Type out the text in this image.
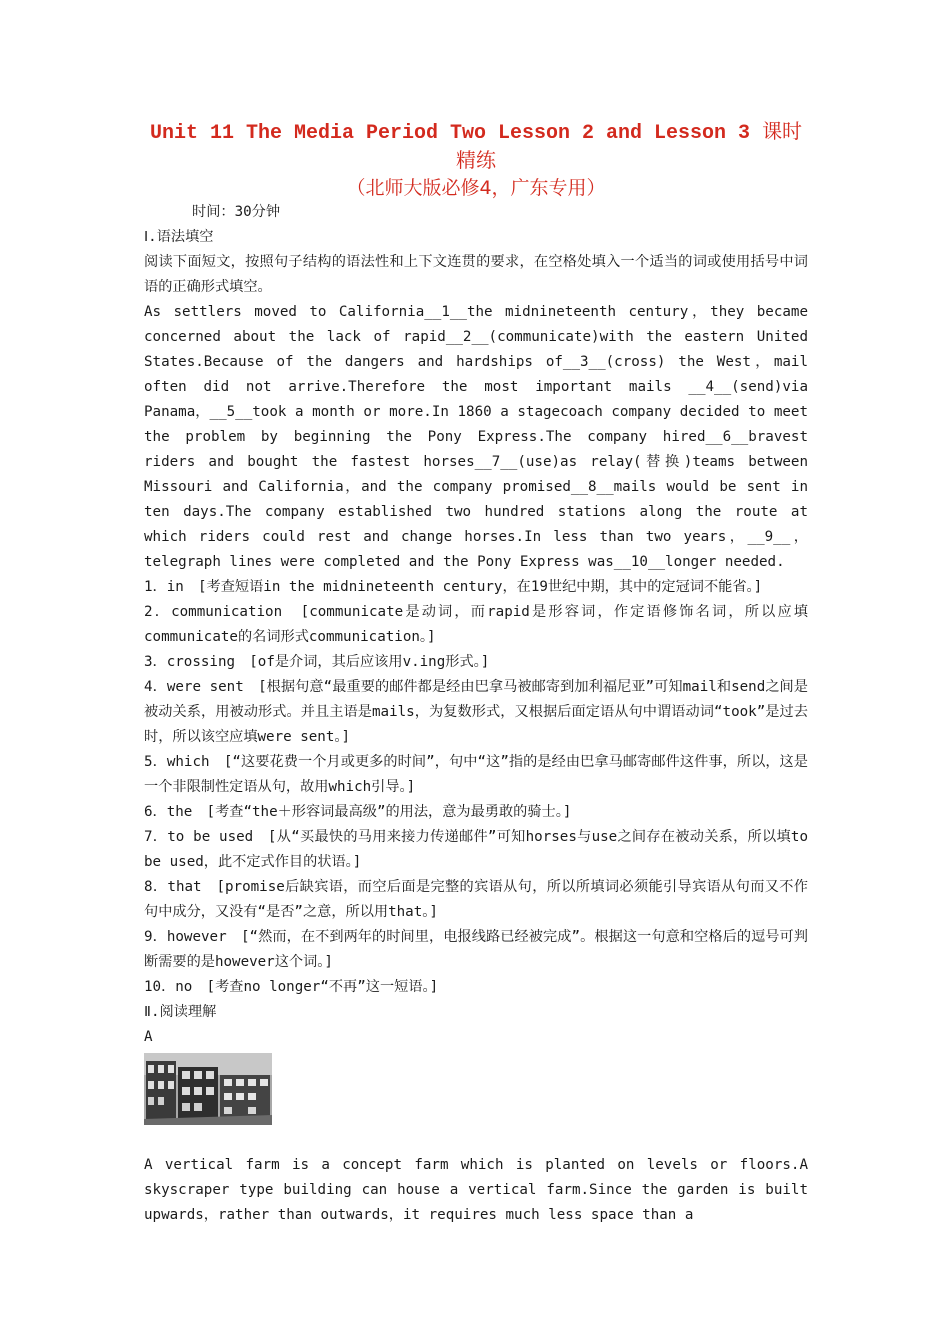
Unit 11 The Media Period Two Lesson 2 and Lesson 3 课时精练
（北师大版必修4，广东专用）
时间：30分钟
Ⅰ.语法填空

阅读下面短文，按照句子结构的语法性和上下文连贯的要求，在空格处填入一个适当的词或使用括号中词语的正确形式填空。

As settlers moved to California__1__the midnineteenth century，they became concerned about the lack of rapid__2__(communicate)with the eastern United States.Because of the dangers and hardships of__3__(cross) the West，mail often did not arrive.Therefore the most important mails __4__(send)via Panama，__5__took a month or more.In 1860 a stagecoach company decided to meet the problem by beginning the Pony Express.The company hired__6__bravest riders and bought the fastest horses__7__(use)as relay(替换)teams between Missouri and California，and the company promised__8__mails would be sent in ten days.The company established two hundred stations along the route at which riders could rest and change horses.In less than two years，__9__，telegraph lines were completed and the Pony Express was__10__longer needed.

1．in　[考查短语in the midnineteenth century，在19世纪中期，其中的定冠词不能省。]

2．communication　[communicate是动词，而rapid是形容词，作定语修饰名词，所以应填communicate的名词形式communication。]

3．crossing　[of是介词，其后应该用v.ing形式。]

4．were sent　[根据句意“最重要的邮件都是经由巴拿马被邮寄到加利福尼亚”可知mail和send之间是被动关系，用被动形式。并且主语是mails，为复数形式，又根据后面定语从句中谓语动词“took”是过去时，所以该空应填were sent。]

5．which　[“这要花费一个月或更多的时间”，句中“这”指的是经由巴拿马邮寄邮件这件事，所以，这是一个非限制性定语从句，故用which引导。]

6．the　[考查“the＋形容词最高级”的用法，意为最勇敢的骑士。]

7．to be used　[从“买最快的马用来接力传递邮件”可知horses与use之间存在被动关系，所以填to be used，此不定式作目的状语。]

8．that　[promise后缺宾语，而空后面是完整的宾语从句，所以所填词必须能引导宾语从句而又不作句中成分，又没有“是否”之意，所以用that。]

9．however　[“然而，在不到两年的时间里，电报线路已经被完成”。根据这一句意和空格后的逗号可判断需要的是however这个词。]

10．no　[考查no longer“不再”这一短语。]

Ⅱ.阅读理解
A

A vertical farm is a concept farm which is planted on levels or floors.A skyscraper type building can house a vertical farm.Since the garden is built upwards，rather than outwards，it requires much less space than a
